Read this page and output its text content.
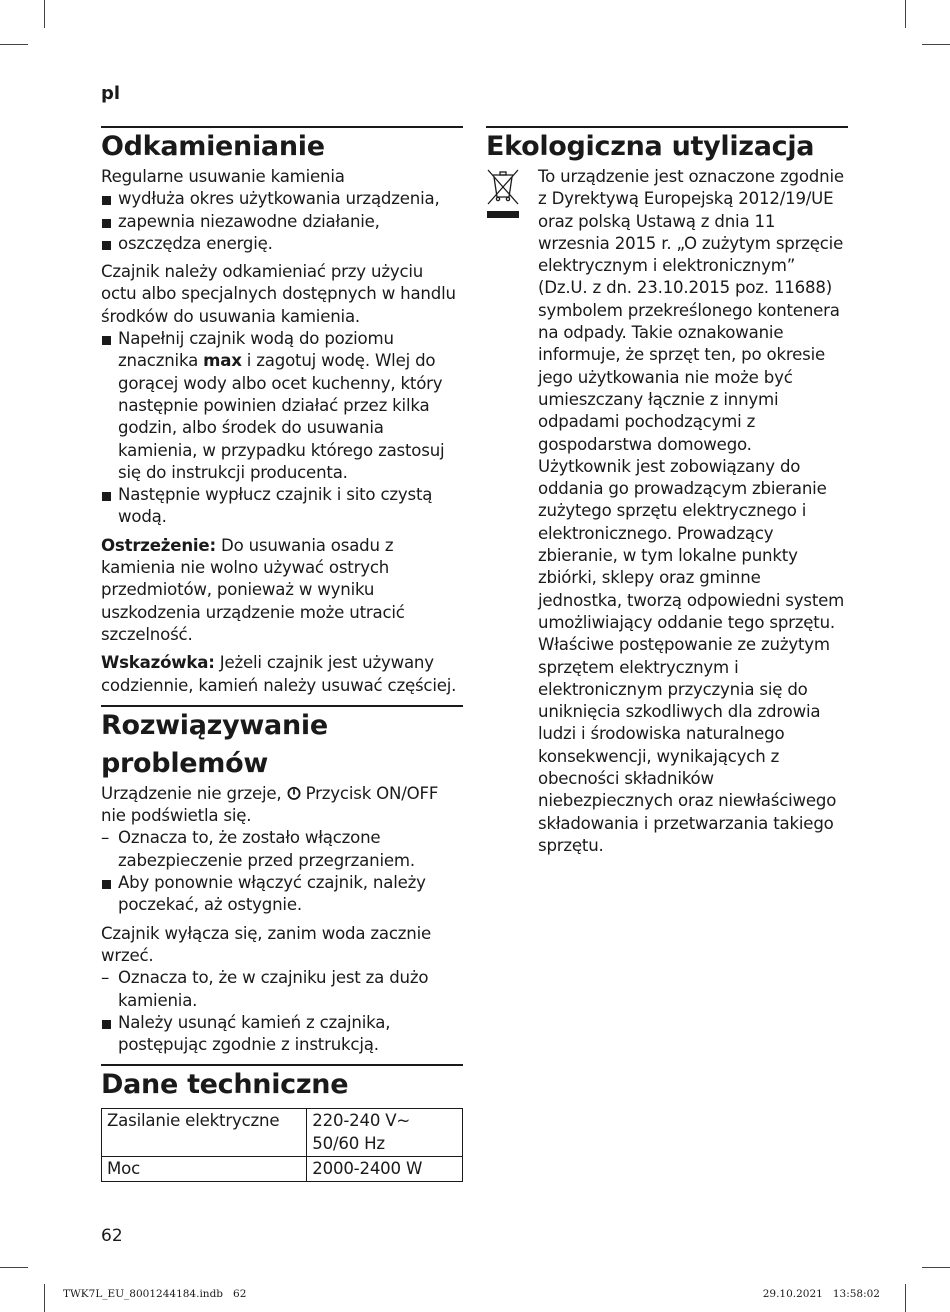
pl
Odkamienianie

Regularne usuwanie kamienia

wydłuża okres użytkowania urządzenia,
zapewnia niezawodne działanie,
oszczędza energię.

Czajnik należy odkamieniać przy użyciu octu albo specjalnych dostępnych w handlu środków do usuwania kamienia.

Napełnij czajnik wodą do poziomu znacznika max i zagotuj wodę. Wlej do gorącej wody albo ocet kuchenny, który następnie powinien działać przez kilka godzin, albo środek do usuwania kamienia, w przypadku którego zastosuj się do instrukcji producenta.
Następnie wypłucz czajnik i sito czystą wodą.

Ostrzeżenie: Do usuwania osadu z kamienia nie wolno używać ostrych przedmiotów, ponieważ w wyniku uszkodzenia urządzenie może utracić szczelność.

Wskazówka: Jeżeli czajnik jest używany codziennie, kamień należy usuwać częściej.

Rozwiązywanie problemów

Urządzenie nie grzeje,  Przycisk ON/OFF nie podświetla się.

– Oznacza to, że zostało włączone zabezpieczenie przed przegrzaniem.
Aby ponownie włączyć czajnik, należy poczekać, aż ostygnie.

Czajnik wyłącza się, zanim woda zacznie wrzeć.

– Oznacza to, że w czajniku jest za dużo kamienia.
Należy usunąć kamień z czajnika, postępując zgodnie z instrukcją.
Dane techniczne
Zasilanie elektryczne	220-240 V~ 50/60 Hz
Moc	2000-2400 W
Ekologiczna utylizacja

To urządzenie jest oznaczone zgodnie z Dyrektywą Europejską 2012/19/UE oraz polską Ustawą z dnia 11 wrzesnia 2015 r. „O zużytym sprzęcie elektrycznym i elektronicznym” (Dz.U. z dn. 23.10.2015 poz. 11688) symbolem przekreślonego kontenera na odpady. Takie oznakowanie informuje, że sprzęt ten, po okresie jego użytkowania nie może być umieszczany łącznie z innymi odpadami pochodzącymi z gospodarstwa domowego. Użytkownik jest zobowiązany do oddania go prowadzącym zbieranie zużytego sprzętu elektrycznego i elektronicznego. Prowadzący zbieranie, w tym lokalne punkty zbiórki, sklepy oraz gminne jednostka, tworzą odpowiedni system umożliwiający oddanie tego sprzętu. Właściwe postępowanie ze zużytym sprzętem elektrycznym i elektronicznym przyczynia się do uniknięcia szkodliwych dla zdrowia ludzi i środowiska naturalnego konsekwencji, wynikających z obecności składników niebezpiecznych oraz niewłaściwego składowania i przetwarzania takiego sprzętu.

62
TWK7L_EU_8001244184.indb   62	29.10.2021   13:58:02
